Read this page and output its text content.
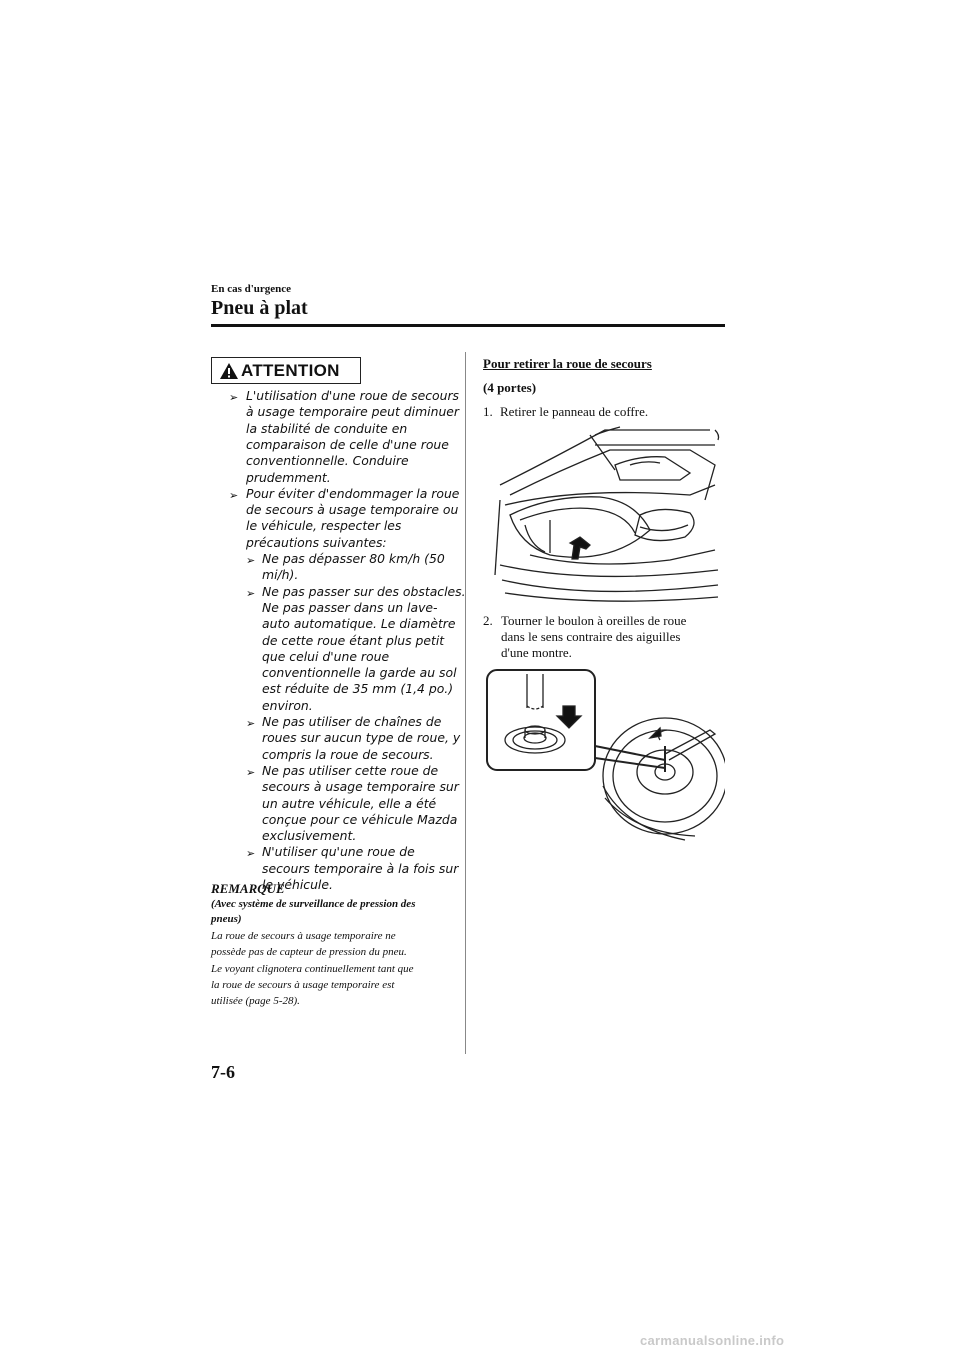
En cas d'urgence
Pneu à plat
ATTENTION
➢ L'utilisation d'une roue de secours
à usage temporaire peut diminuer
la stabilité de conduite en
comparaison de celle d'une roue
conventionnelle. Conduire
prudemment.
➢ Pour éviter d'endommager la roue
de secours à usage temporaire ou
le véhicule, respecter les
précautions suivantes:
➢ Ne pas dépasser 80 km/h (50
mi/h).
➢ Ne pas passer sur des obstacles.
Ne pas passer dans un lave-
auto automatique. Le diamètre
de cette roue étant plus petit
que celui d'une roue
conventionnelle la garde au sol
est réduite de 35 mm (1,4 po.)
environ.
➢ Ne pas utiliser de chaînes de
roues sur aucun type de roue, y
compris la roue de secours.
➢ Ne pas utiliser cette roue de
secours à usage temporaire sur
un autre véhicule, elle a été
conçue pour ce véhicule Mazda
exclusivement.
➢ N'utiliser qu'une roue de
secours temporaire à la fois sur
le véhicule.
REMARQUE
(Avec système de surveillance de pression des
pneus)
La roue de secours à usage temporaire ne
possède pas de capteur de pression du pneu.
Le voyant clignotera continuellement tant que
la roue de secours à usage temporaire est
utilisée (page 5-28).
Pour retirer la roue de secours
(4 portes)
1. Retirer le panneau de coffre.
2. Tourner le boulon à oreilles de roue
dans le sens contraire des aiguilles
d'une montre.
7-6
carmanualsonline.info
